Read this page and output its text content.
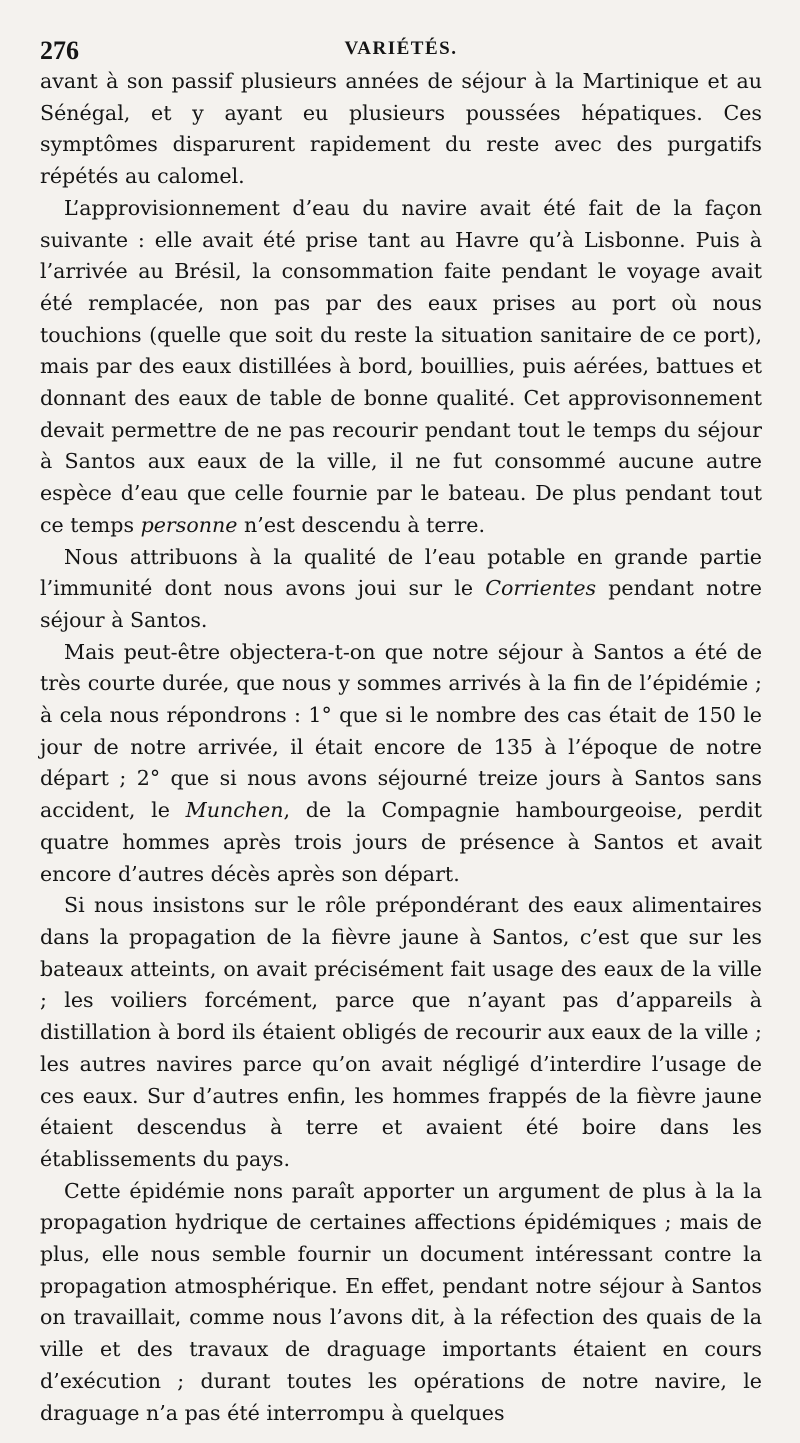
276	VARIÉTÉS.

avant à son passif plusieurs années de séjour à la Martinique et au Sénégal, et y ayant eu plusieurs poussées hépatiques. Ces symptômes disparurent rapidement du reste avec des purgatifs répétés au calomel.

L’approvisionnement d’eau du navire avait été fait de la façon suivante : elle avait été prise tant au Havre qu’à Lisbonne. Puis à l’arrivée au Brésil, la consommation faite pendant le voyage avait été remplacée, non pas par des eaux prises au port où nous touchions (quelle que soit du reste la situation sanitaire de ce port), mais par des eaux distillées à bord, bouillies, puis aérées, battues et donnant des eaux de table de bonne qualité. Cet approvisonnement devait permettre de ne pas recourir pendant tout le temps du séjour à Santos aux eaux de la ville, il ne fut consommé aucune autre espèce d’eau que celle fournie par le bateau. De plus pendant tout ce temps personne n’est descendu à terre.

Nous attribuons à la qualité de l’eau potable en grande partie l’immunité dont nous avons joui sur le Corrientes pendant notre séjour à Santos.

Mais peut-être objectera-t-on que notre séjour à Santos a été de très courte durée, que nous y sommes arrivés à la fin de l’épidémie ; à cela nous répondrons : 1° que si le nombre des cas était de 150 le jour de notre arrivée, il était encore de 135 à l’époque de notre départ ; 2° que si nous avons séjourné treize jours à Santos sans accident, le Munchen, de la Compagnie hambourgeoise, perdit quatre hommes après trois jours de présence à Santos et avait encore d’autres décès après son départ.

Si nous insistons sur le rôle prépondérant des eaux alimentaires dans la propagation de la fièvre jaune à Santos, c’est que sur les bateaux atteints, on avait précisément fait usage des eaux de la ville ; les voiliers forcément, parce que n’ayant pas d’appareils à distillation à bord ils étaient obligés de recourir aux eaux de la ville ; les autres navires parce qu’on avait négligé d’interdire l’usage de ces eaux. Sur d’autres enfin, les hommes frappés de la fièvre jaune étaient descendus à terre et avaient été boire dans les établissements du pays.

Cette épidémie nons paraît apporter un argument de plus à la la propagation hydrique de certaines affections épidémiques ; mais de plus, elle nous semble fournir un document intéressant contre la propagation atmosphérique. En effet, pendant notre séjour à Santos on travaillait, comme nous l’avons dit, à la réfection des quais de la ville et des travaux de draguage importants étaient en cours d’exécution ; durant toutes les opérations de notre navire, le draguage n’a pas été interrompu à quelques
